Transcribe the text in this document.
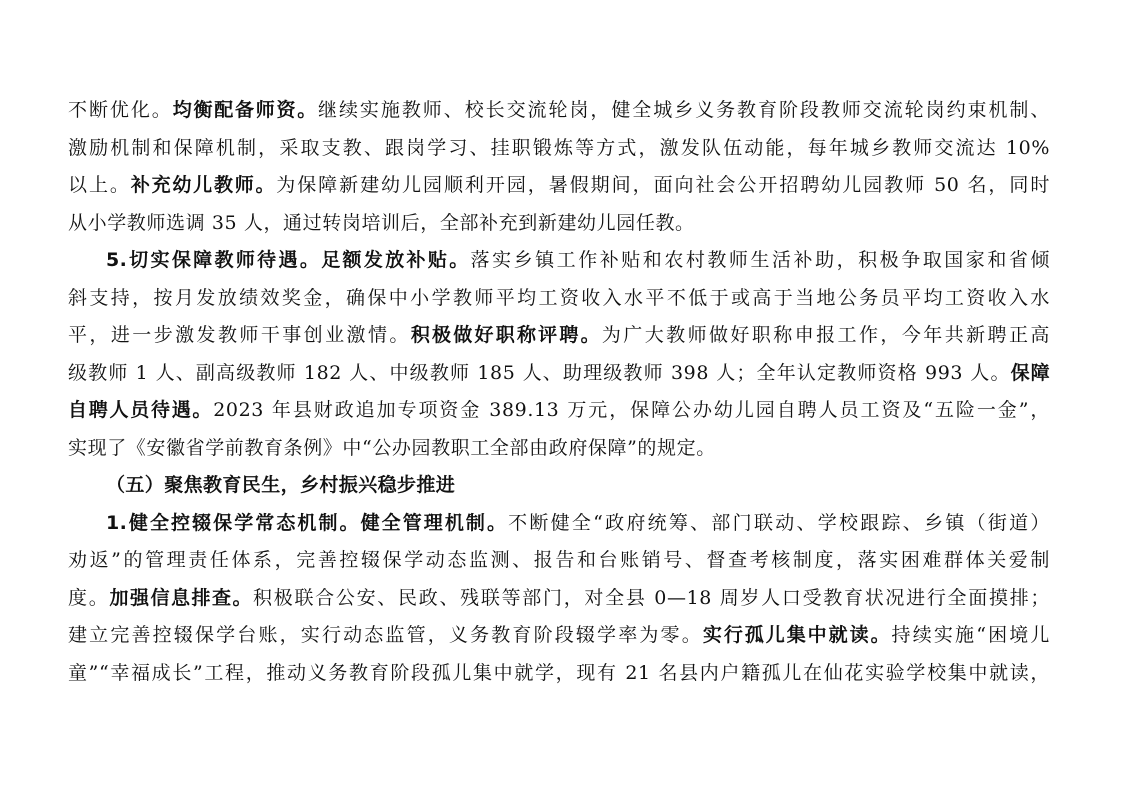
不断优化。均衡配备师资。继续实施教师、校长交流轮岗，健全城乡义务教育阶段教师交流轮岗约束机制、
激励机制和保障机制，采取支教、跟岗学习、挂职锻炼等方式，激发队伍动能，每年城乡教师交流达 10%
以上。补充幼儿教师。为保障新建幼儿园顺利开园，暑假期间，面向社会公开招聘幼儿园教师 50 名，同时
从小学教师选调 35 人，通过转岗培训后，全部补充到新建幼儿园任教。
5.切实保障教师待遇。足额发放补贴。落实乡镇工作补贴和农村教师生活补助，积极争取国家和省倾
斜支持，按月发放绩效奖金，确保中小学教师平均工资收入水平不低于或高于当地公务员平均工资收入水
平，进一步激发教师干事创业激情。积极做好职称评聘。为广大教师做好职称申报工作，今年共新聘正高
级教师 1 人、副高级教师 182 人、中级教师 185 人、助理级教师 398 人；全年认定教师资格 993 人。保障
自聘人员待遇。2023 年县财政追加专项资金 389.13 万元，保障公办幼儿园自聘人员工资及“五险一金”，
实现了《安徽省学前教育条例》中“公办园教职工全部由政府保障”的规定。
（五）聚焦教育民生，乡村振兴稳步推进
1.健全控辍保学常态机制。健全管理机制。不断健全“政府统筹、部门联动、学校跟踪、乡镇（街道）
劝返”的管理责任体系，完善控辍保学动态监测、报告和台账销号、督查考核制度，落实困难群体关爱制
度。加强信息排查。积极联合公安、民政、残联等部门，对全县 0—18 周岁人口受教育状况进行全面摸排；
建立完善控辍保学台账，实行动态监管，义务教育阶段辍学率为零。实行孤儿集中就读。持续实施“困境儿
童”“幸福成长”工程，推动义务教育阶段孤儿集中就学，现有 21 名县内户籍孤儿在仙花实验学校集中就读，
